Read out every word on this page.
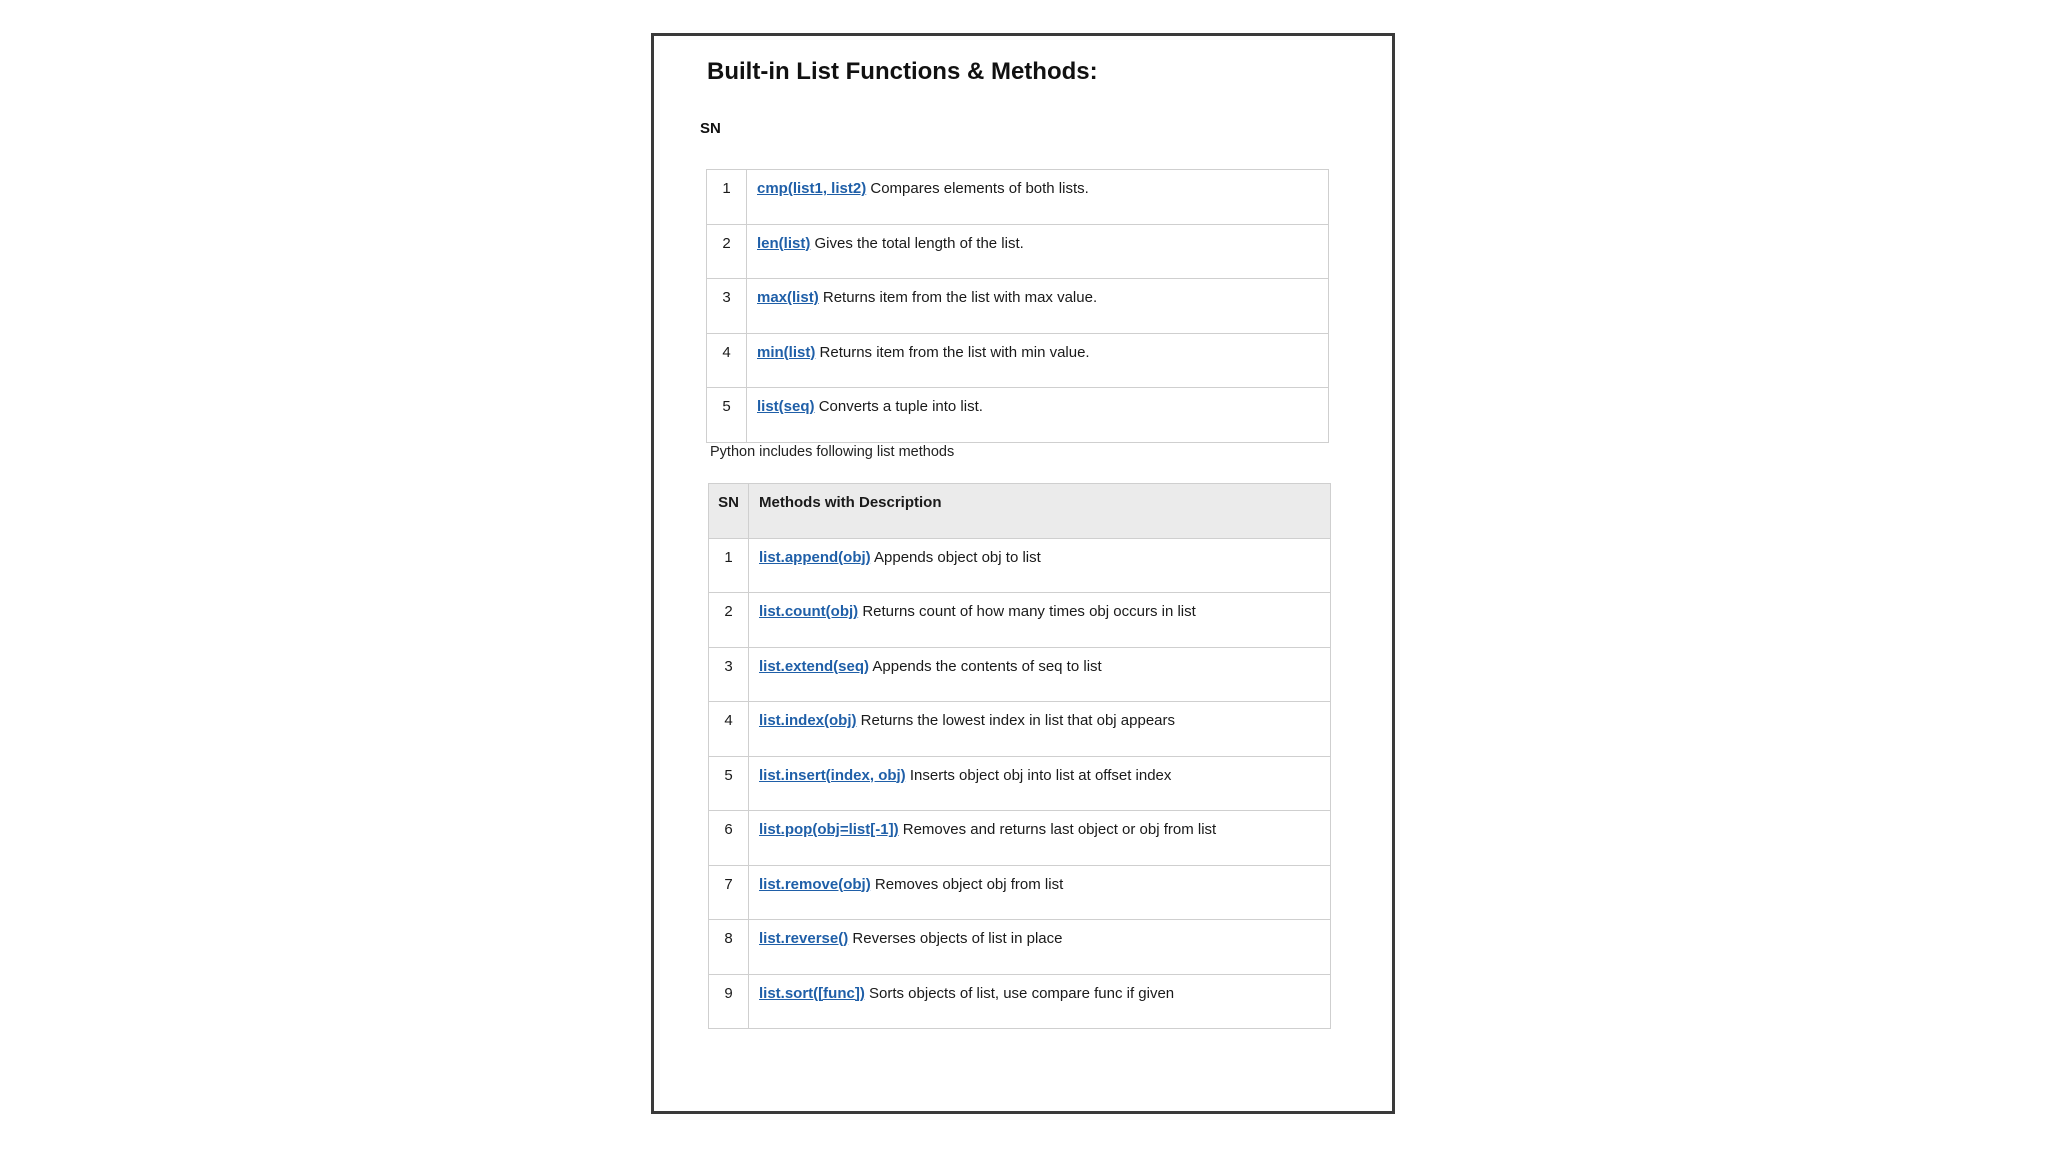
Built-in List Functions & Methods:
SN
1	cmp(list1, list2) Compares elements of both lists.
2	len(list) Gives the total length of the list.
3	max(list) Returns item from the list with max value.
4	min(list) Returns item from the list with min value.
5	list(seq) Converts a tuple into list.
Python includes following list methods
SN	Methods with Description
1	list.append(obj) Appends object obj to list
2	list.count(obj) Returns count of how many times obj occurs in list
3	list.extend(seq) Appends the contents of seq to list
4	list.index(obj) Returns the lowest index in list that obj appears
5	list.insert(index, obj) Inserts object obj into list at offset index
6	list.pop(obj=list[-1]) Removes and returns last object or obj from list
7	list.remove(obj) Removes object obj from list
8	list.reverse() Reverses objects of list in place
9	list.sort([func]) Sorts objects of list, use compare func if given
